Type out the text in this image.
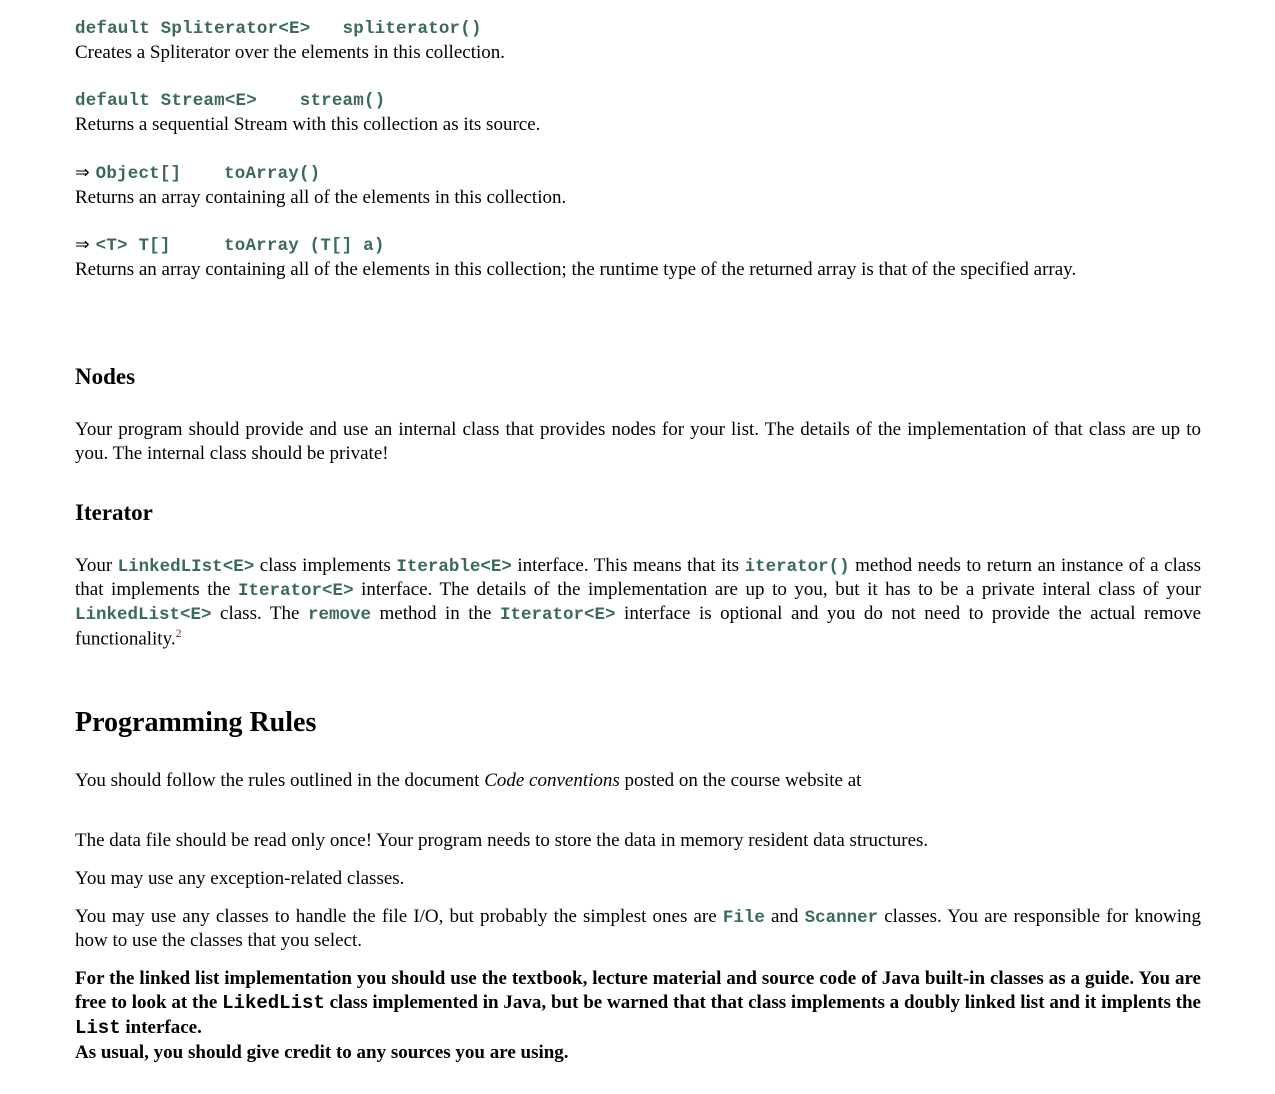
default Spliterator<E>   spliterator()
Creates a Spliterator over the elements in this collection.
default Stream<E>    stream()
Returns a sequential Stream with this collection as its source.
⇒ Object[]    toArray()
Returns an array containing all of the elements in this collection.
⇒ <T> T[]     toArray (T[] a)
Returns an array containing all of the elements in this collection; the runtime type of the returned array is that of the specified array.
Nodes

Your program should provide and use an internal class that provides nodes for your list. The details of the implementation of that class are up to you. The internal class should be private!

Iterator

Your LinkedLIst<E> class implements Iterable<E> interface. This means that its iterator() method needs to return an instance of a class that implements the Iterator<E> interface. The details of the implementation are up to you, but it has to be a private interal class of your LinkedList<E> class. The remove method in the Iterator<E> interface is optional and you do not need to provide the actual remove functionality.$^2$

Programming Rules

You should follow the rules outlined in the document Code conventions posted on the course website at

The data file should be read only once! Your program needs to store the data in memory resident data structures.

You may use any exception-related classes.

You may use any classes to handle the file I/O, but probably the simplest ones are File and Scanner classes. You are responsible for knowing how to use the classes that you select.

For the linked list implementation you should use the textbook, lecture material and source code of Java built-in classes as a guide. You are free to look at the LikedList class implemented in Java, but be warned that that class implements a doubly linked list and it implents the List interface.

As usual, you should give credit to any sources you are using.
